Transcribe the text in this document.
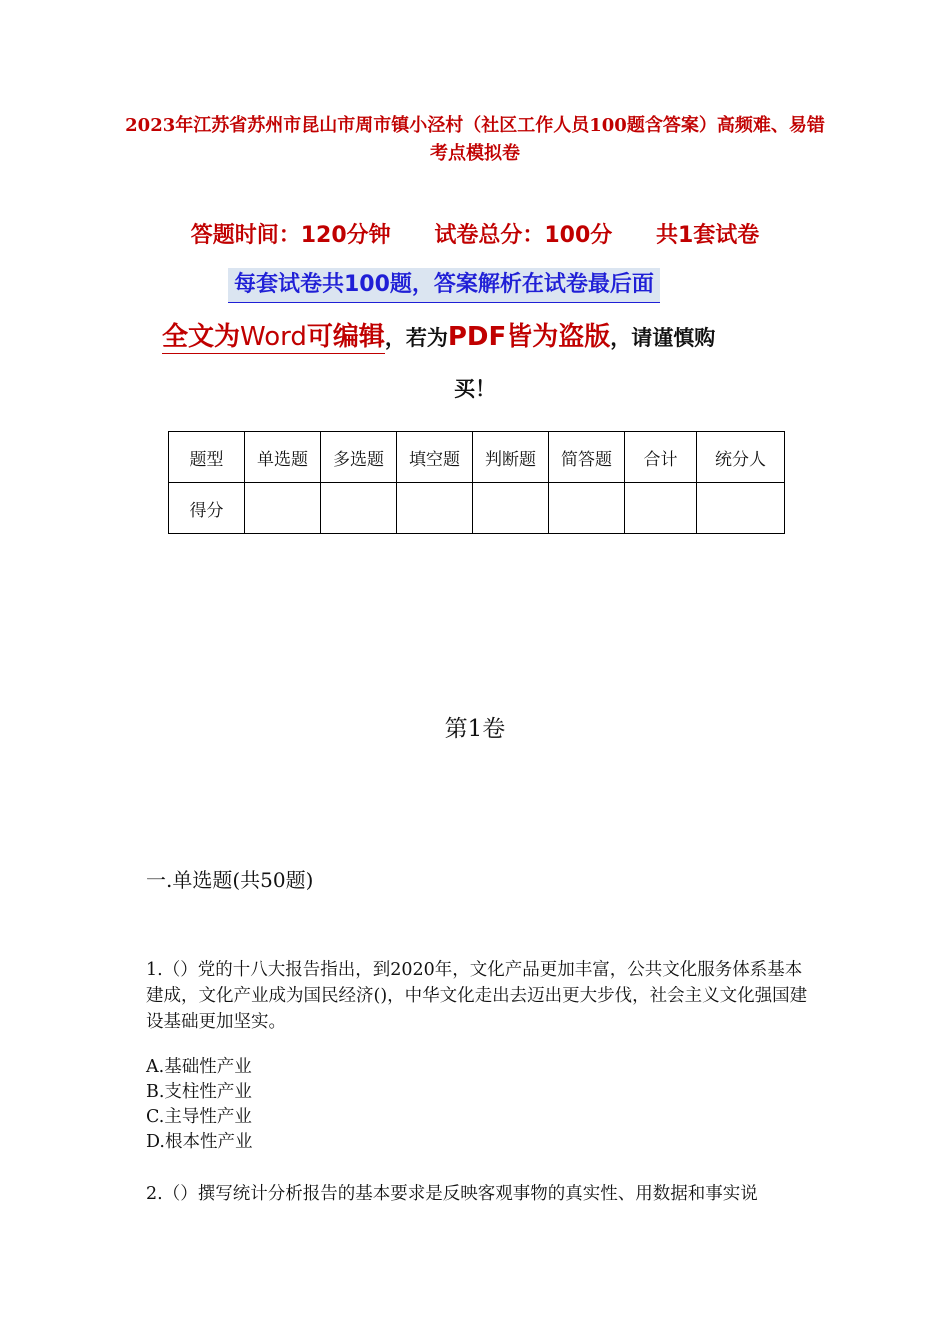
2023年江苏省苏州市昆山市周市镇小泾村（社区工作人员100题含答案）高频难、易错考点模拟卷
答题时间：120分钟 试卷总分：100分 共1套试卷
每套试卷共100题，答案解析在试卷最后面
全文为Word可编辑，若为PDF皆为盗版，请谨慎购
买！
题型	单选题	多选题	填空题	判断题	简答题	合计	统分人
得分							
第1卷
一.单选题(共50题)
1.（）党的十八大报告指出，到2020年，文化产品更加丰富，公共文化服务体系基本建成，文化产业成为国民经济()，中华文化走出去迈出更大步伐，社会主义文化强国建设基础更加坚实。
A.基础性产业
B.支柱性产业
C.主导性产业
D.根本性产业
2.（）撰写统计分析报告的基本要求是反映客观事物的真实性、用数据和事实说
